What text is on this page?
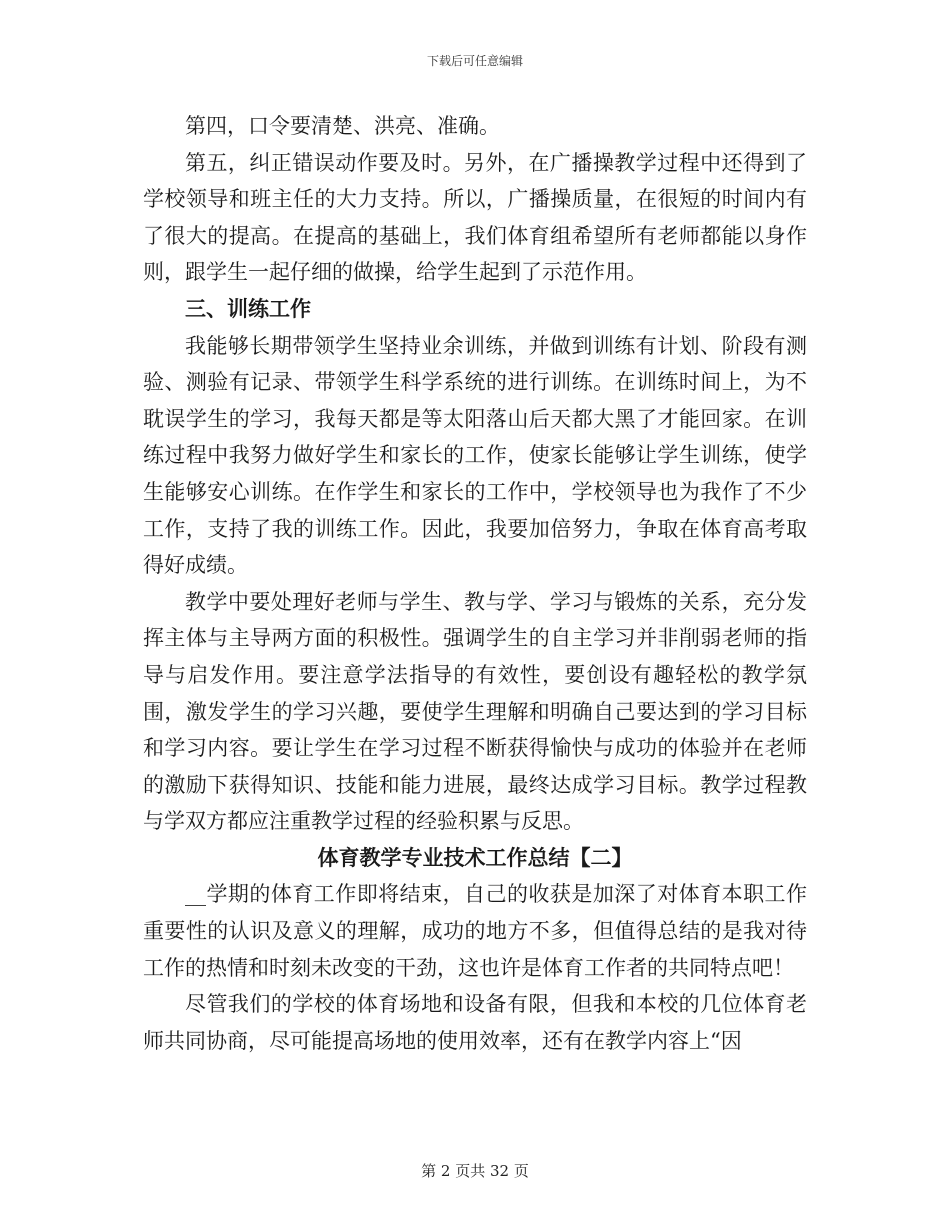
下载后可任意编辑

第四，口令要清楚、洪亮、准确。

第五，纠正错误动作要及时。另外，在广播操教学过程中还得到了学校领导和班主任的大力支持。所以，广播操质量，在很短的时间内有了很大的提高。在提高的基础上，我们体育组希望所有老师都能以身作则，跟学生一起仔细的做操，给学生起到了示范作用。

三、训练工作

我能够长期带领学生坚持业余训练，并做到训练有计划、阶段有测验、测验有记录、带领学生科学系统的进行训练。在训练时间上，为不耽误学生的学习，我每天都是等太阳落山后天都大黑了才能回家。在训练过程中我努力做好学生和家长的工作，使家长能够让学生训练，使学生能够安心训练。在作学生和家长的工作中，学校领导也为我作了不少工作，支持了我的训练工作。因此，我要加倍努力，争取在体育高考取得好成绩。

教学中要处理好老师与学生、教与学、学习与锻炼的关系，充分发挥主体与主导两方面的积极性。强调学生的自主学习并非削弱老师的指导与启发作用。要注意学法指导的有效性，要创设有趣轻松的教学氛围，激发学生的学习兴趣，要使学生理解和明确自己要达到的学习目标和学习内容。要让学生在学习过程不断获得愉快与成功的体验并在老师的激励下获得知识、技能和能力进展，最终达成学习目标。教学过程教与学双方都应注重教学过程的经验积累与反思。

体育教学专业技术工作总结【二】

__学期的体育工作即将结束，自己的收获是加深了对体育本职工作重要性的认识及意义的理解，成功的地方不多，但值得总结的是我对待工作的热情和时刻未改变的干劲，这也许是体育工作者的共同特点吧！

尽管我们的学校的体育场地和设备有限，但我和本校的几位体育老师共同协商，尽可能提高场地的使用效率，还有在教学内容上“因

第 2 页共 32 页
